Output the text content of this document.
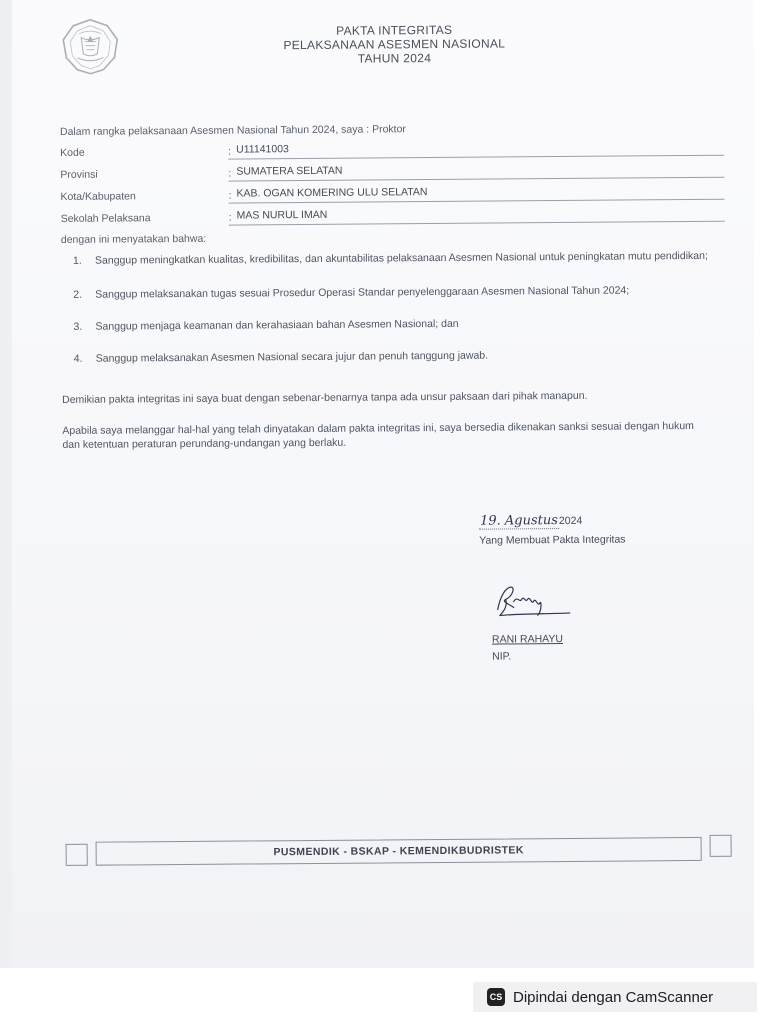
PAKTA INTEGRITAS
PELAKSANAAN ASESMEN NASIONAL
TAHUN 2024
Dalam rangka pelaksanaan Asesmen Nasional Tahun 2024, saya : Proktor
Kode	: U11141003
Provinsi	: SUMATERA SELATAN
Kota/Kabupaten	: KAB. OGAN KOMERING ULU SELATAN
Sekolah Pelaksana	: MAS NURUL IMAN
dengan ini menyatakan bahwa:
1. Sanggup meningkatkan kualitas, kredibilitas, dan akuntabilitas pelaksanaan Asesmen Nasional untuk peningkatan mutu pendidikan;
2. Sanggup melaksanakan tugas sesuai Prosedur Operasi Standar penyelenggaraan Asesmen Nasional Tahun 2024;
3. Sanggup menjaga keamanan dan kerahasiaan bahan Asesmen Nasional; dan
4. Sanggup melaksanakan Asesmen Nasional secara jujur dan penuh tanggung jawab.
Demikian pakta integritas ini saya buat dengan sebenar-benarnya tanpa ada unsur paksaan dari pihak manapun.
Apabila saya melanggar hal-hal yang telah dinyatakan dalam pakta integritas ini, saya bersedia dikenakan sanksi sesuai dengan hukum dan ketentuan peraturan perundang-undangan yang berlaku.
19. Agustus2024
Yang Membuat Pakta Integritas
RANI RAHAYU
NIP.
PUSMENDIK - BSKAP - KEMENDIKBUDRISTEK
CS Dipindai dengan CamScanner
